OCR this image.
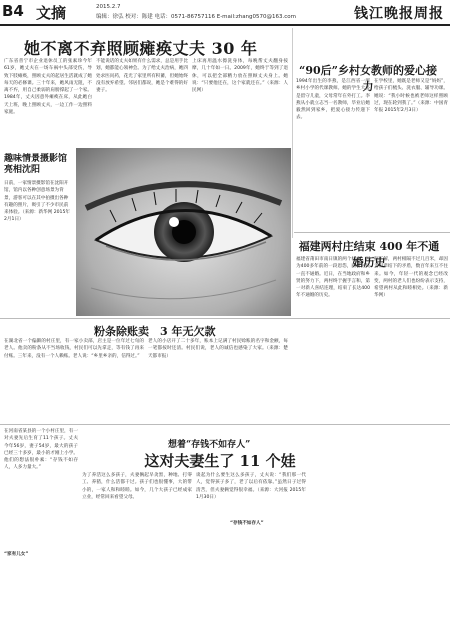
B4 文摘	2015.2.7
编辑：徐弘 校对：陈建 电话：0571-86757116 E-mail:zhang0570@163.com	钱江晚报周报
她不离不弃照顾瘫痪丈夫 30 年
广东省普宁市企业退休员工的张素珍今年61岁，她丈夫在一场车祸中头部受伤，导致下肢瘫痪，照顾丈夫的起居生活就成了她每天的必修课。三十年来，她风雨无阻，不离不弃，用自己柔弱的肩膀撑起了一个家。1984年，丈夫因意外瘫痪在床，从此她白天上班，晚上照顾丈夫，一边工作一边照料家庭。
不能说话的丈夫如果有什么需求，总是用手比划，她都能心领神会。为了给丈夫治病，她四处求医问药，花光了家里所有积蓄，但她始终没有放弃希望。邻居们都说，她是个难得的好妻子。
上床再用温水擦洗身体，每晚帮丈夫翻身按摩，几十年如一日。2009年，她终于等到了退休，可以把全部精力放在照顾丈夫身上。她说：“只要他还在，这个家就还在。”（来源：人民网）
趣味情景摄影馆亮相沈阳
日前，一家情景摄影馆在沈阳开馆，馆内以各种创意场景为背景，游客可以在其中拍摄出各种有趣的照片，吸引了不少市民前来体验。（来源：新华网 2015年2月1日）
“90后”乡村女教师的爱心接力
1994年出生的李燕，是江西省一所乡村小学的代课教师。她的学生大多是留守儿童，父母常年在外打工。李燕从小就立志当一名教师，毕业后她毅然回到家乡，把爱心接力传递下去。
在学校里，她既是老师又是“妈妈”，给孩子们梳头、洗衣服、辅导功课。她说：“我小时候也被老师这样照顾过，现在轮到我了。”（来源：中国青年报 2015年2月3日）
福建两村庄结束 400 年不通婚历史
福建省莆田市南日镇的两个村庄，因为400多年前的一段恩怨，两村村民一直不通婚。近日，在当地政府和乡贤的努力下，两村终于握手言和，第一对新人喜结连理，结束了长达400年不通婚的历史。
据了解，两村相隔不过几百米，却因为祖辈结下的矛盾，数百年来互不往来。如今，年轻一代的观念已经改变，两村的老人们也纷纷表示支持，希望两村从此和睦相处。（来源：新华网）
粉条除账卖　3 年无欠款
在湖北省一个偏僻的村庄里，有一家小卖部，店主是一位年过七旬的老人。他卖的粉条从不当场收钱，村民们可以先拿走，等有钱了再来付账。三年来，没有一个人赖账。老人说：“乡里乡亲的，信得过。”
老人的小店开了二十多年，账本上记满了村民赊账的名字和金额，每一笔都按时还清。村民们说，老人的诚信也感染了大家。（来源：楚天都市报）
想着“存钱不如存人”
这对夫妻生了 11 个娃
在河南省某县的一个小村庄里，有一对夫妻先后生育了11个孩子。丈夫今年56岁，妻子54岁，最大的孩子已经三十多岁，最小的才刚上小学。他们的想法很朴素：“存钱不如存人，人多力量大。”
“家有儿女”
为了养活这么多孩子，夫妻俩起早贪黑，种地、打零工、养猪，什么活都干过。孩子们也很懂事，大的带小的，一家人和和睦睦。如今，几个大孩子已经成家立业，经常回来看望父母。
谈起为什么要生这么多孩子，丈夫说：“我们那一代人，觉得孩子多了，老了以后有依靠。”虽然日子过得清苦，但夫妻俩觉得很幸福。（来源：大河报 2015年1月30日）
“存钱不如存人”
